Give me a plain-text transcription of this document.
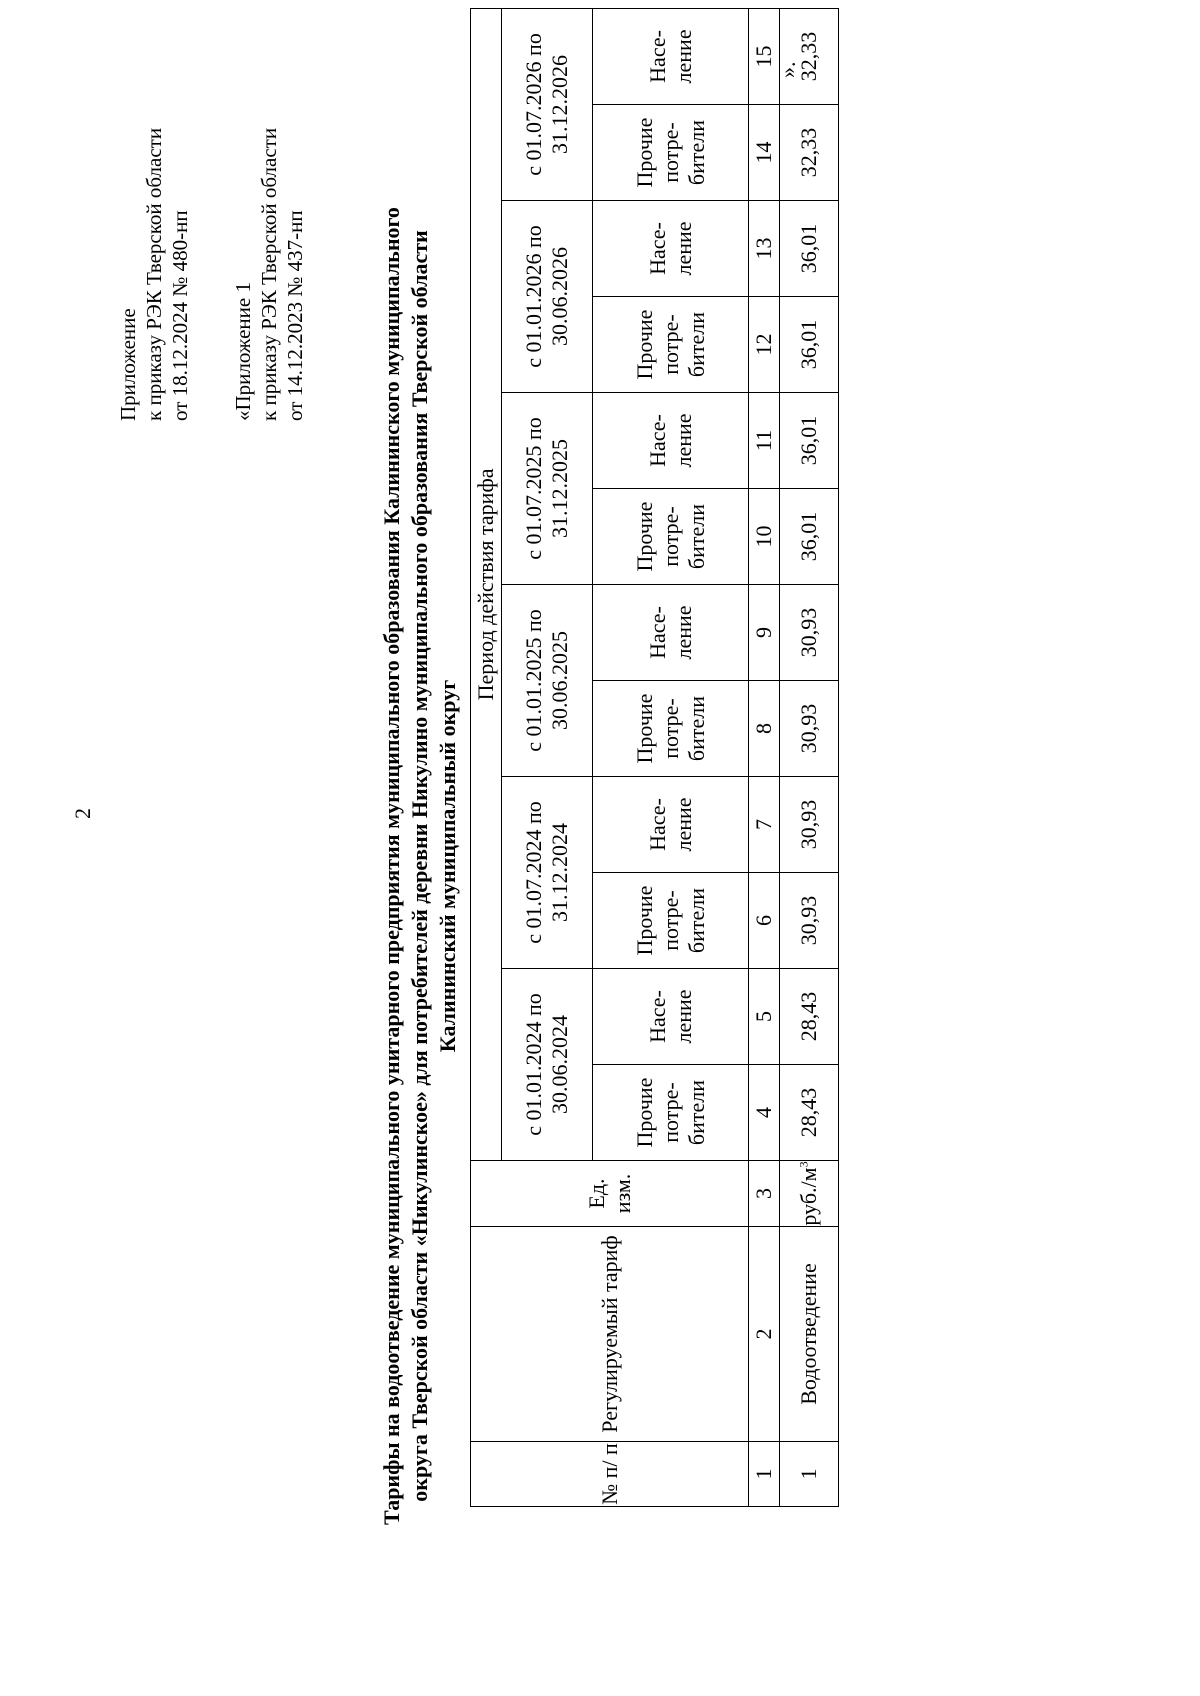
2
Приложение к приказу РЭК Тверской области от 18.12.2024 № 480-нп «Приложение 1 к приказу РЭК Тверской области от 14.12.2023 № 437-нп	Тарифы на водоотведение муниципального унитарного предприятия муниципального образования Калининского муниципального округа Тверской области «Никулинское» для потребителей деревни Никулино муниципального образования Тверской области Калининский муниципальный округ
№ п/ п	Регулируемый тариф	Ед. изм.	Период действия тарифа											
			с 01.01.2024 по 30.06.2024		с 01.07.2024 по 31.12.2024		с 01.01.2025 по 30.06.2025		с 01.07.2025 по 31.12.2025		с 01.01.2026 по 30.06.2026		с 01.07.2026 по 31.12.2026	
			Прочие потре- бители	Насе- ление	Прочие потре- бители	Насе- ление	Прочие потре- бители	Насе- ление	Прочие потре- бители	Насе- ление	Прочие потре- бители	Насе- ление	Прочие потре- бители	Насе- ление
1	2	3	4	5	6	7	8	9	10	11	12	13	14	15
1	Водоотведение	$руб./м^3$	28,43	28,43	30,93	30,93	30,93	30,93	36,01	36,01	36,01	36,01	32,33	32,33
».
